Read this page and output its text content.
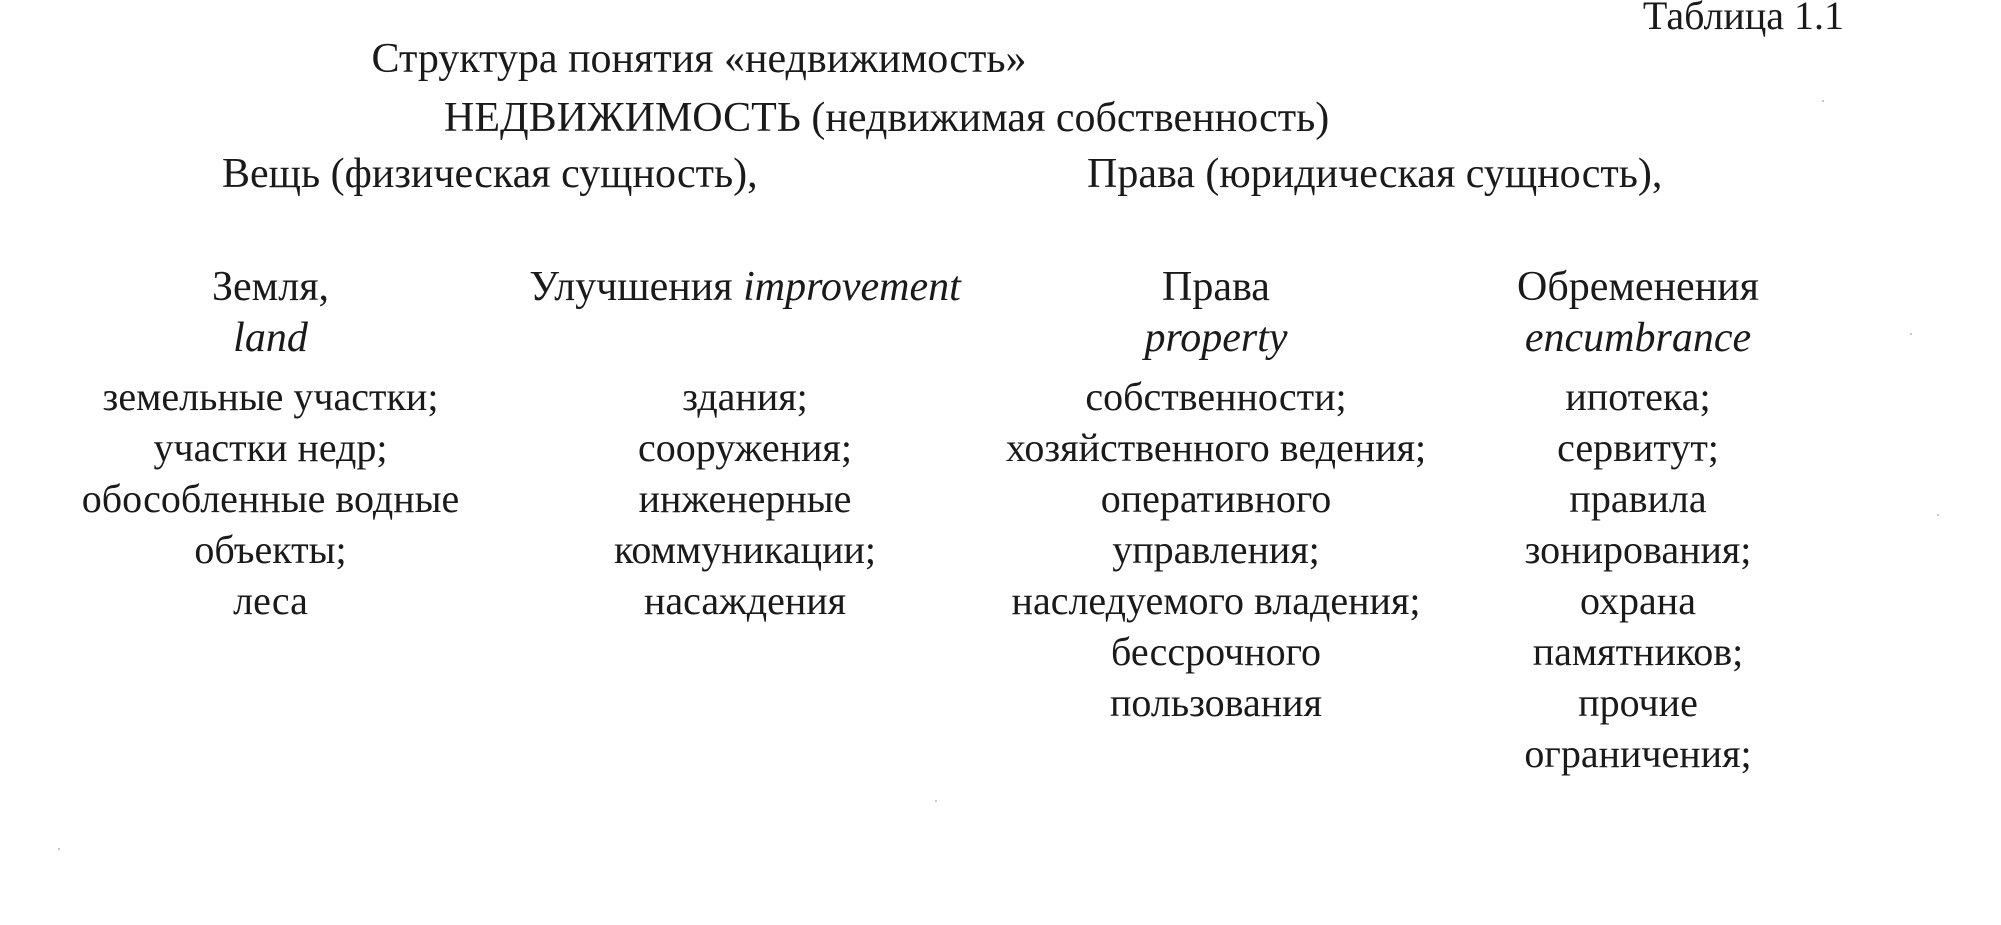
Таблица 1.1
Структура понятия «недвижимость»
НЕДВИЖИМОСТЬ (недвижимая собственность)
Вещь (физическая сущность),	Права (юридическая сущность),
Земля,
land
земельные участки;
участки недр;
обособленные водные
объекты;
леса
Улучшения improvement
здания;
сооружения;
инженерные
коммуникации;
насаждения
Права
property
собственности;
хозяйственного ведения;
оперативного
управления;
наследуемого владения;
бессрочного
пользования
Обременения
encumbrance
ипотека;
сервитут;
правила
зонирования;
охрана
памятников;
прочие
ограничения;
